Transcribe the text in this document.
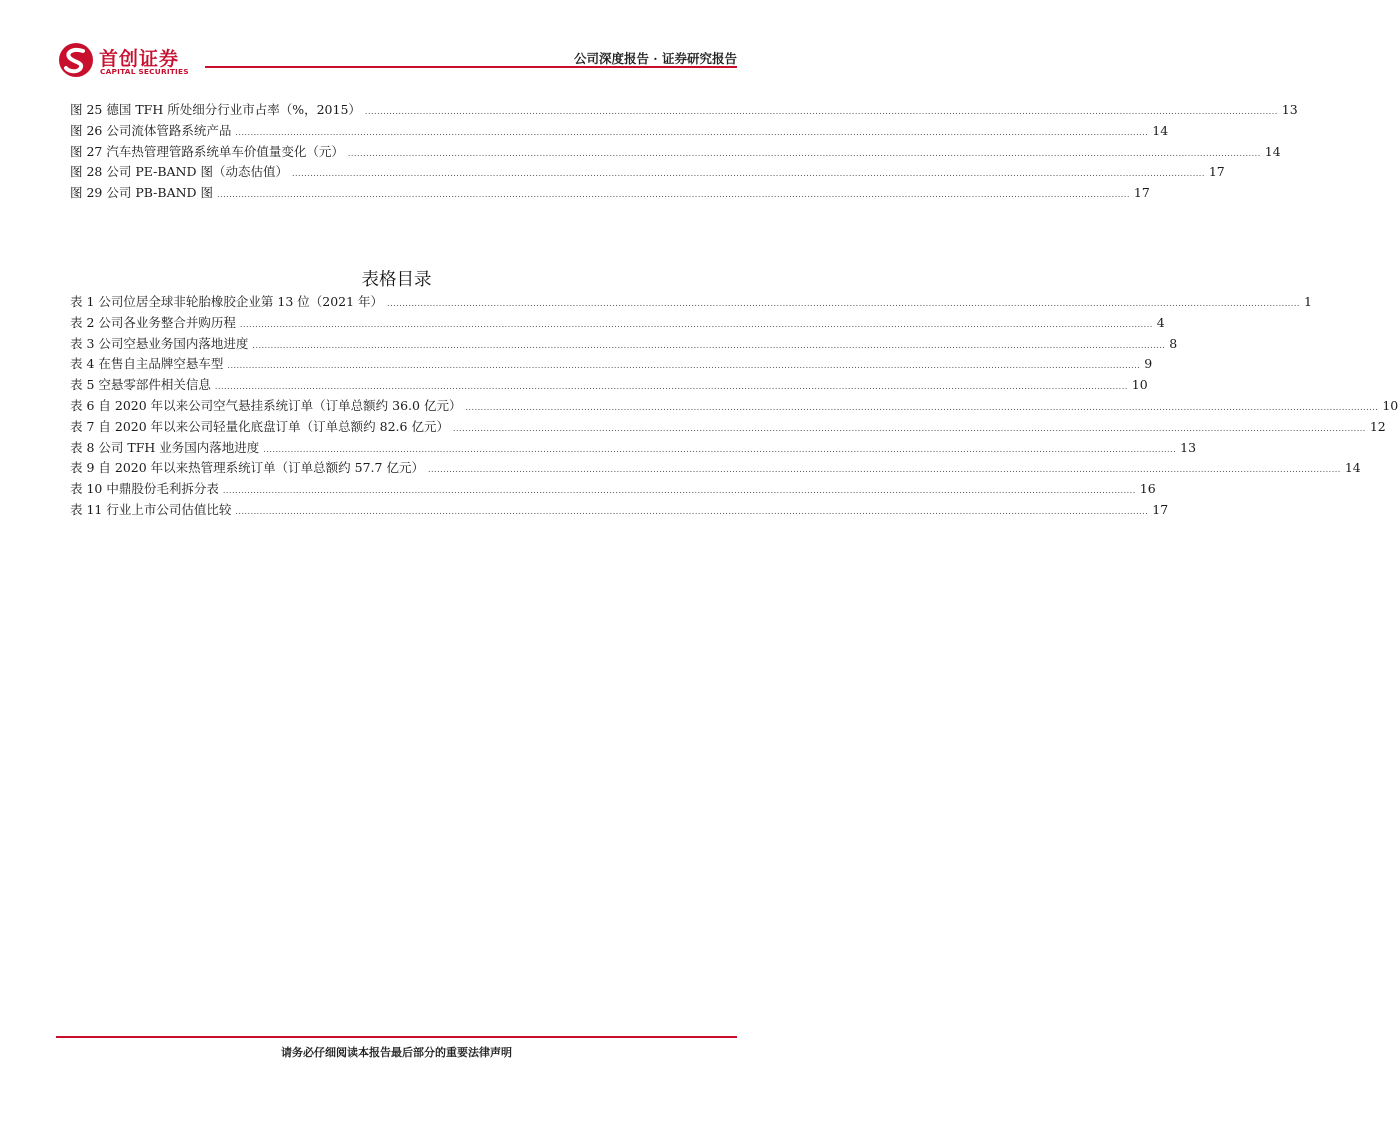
首创证券
CAPITAL SECURITIES
公司深度报告 · 证券研究报告
图 25 德国 TFH 所处细分行业市占率（%，2015） ............................................................................................................................................................................................................................................................................................................ 13
图 26 公司流体管路系统产品 ............................................................................................................................................................................................................................................................................................................ 14
图 27 汽车热管理管路系统单车价值量变化（元） ............................................................................................................................................................................................................................................................................................................ 14
图 28 公司 PE-BAND 图（动态估值） ............................................................................................................................................................................................................................................................................................................ 17
图 29 公司 PB-BAND 图 ............................................................................................................................................................................................................................................................................................................ 17
表格目录
表 1 公司位居全球非轮胎橡胶企业第 13 位（2021 年） ............................................................................................................................................................................................................................................................................................................ 1
表 2 公司各业务整合并购历程 ............................................................................................................................................................................................................................................................................................................ 4
表 3 公司空悬业务国内落地进度 ............................................................................................................................................................................................................................................................................................................ 8
表 4 在售自主品牌空悬车型 ............................................................................................................................................................................................................................................................................................................ 9
表 5 空悬零部件相关信息 ............................................................................................................................................................................................................................................................................................................ 10
表 6 自 2020 年以来公司空气悬挂系统订单（订单总额约 36.0 亿元） ............................................................................................................................................................................................................................................................................................................ 10
表 7 自 2020 年以来公司轻量化底盘订单（订单总额约 82.6 亿元） ............................................................................................................................................................................................................................................................................................................ 12
表 8 公司 TFH 业务国内落地进度 ............................................................................................................................................................................................................................................................................................................ 13
表 9 自 2020 年以来热管理系统订单（订单总额约 57.7 亿元） ............................................................................................................................................................................................................................................................................................................ 14
表 10 中鼎股份毛利拆分表 ............................................................................................................................................................................................................................................................................................................ 16
表 11 行业上市公司估值比较 ............................................................................................................................................................................................................................................................................................................ 17
请务必仔细阅读本报告最后部分的重要法律声明
